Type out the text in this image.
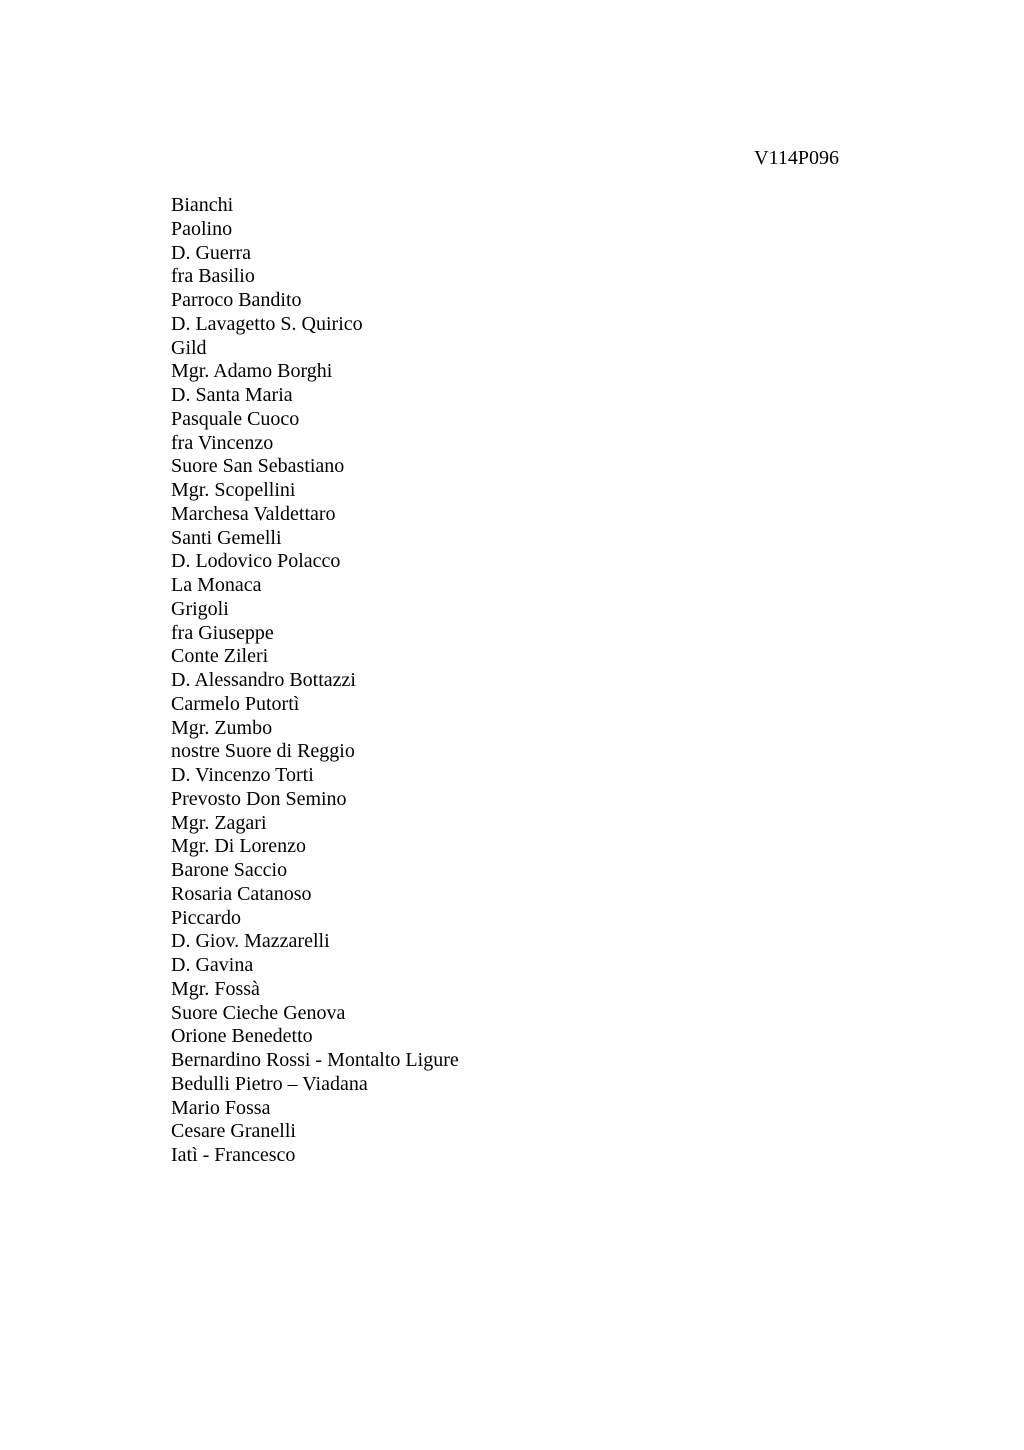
V114P096
Bianchi
Paolino
D. Guerra
fra Basilio
Parroco Bandito
D. Lavagetto S. Quirico
Gild
Mgr. Adamo Borghi
D. Santa Maria
Pasquale Cuoco
fra Vincenzo
Suore San Sebastiano
Mgr. Scopellini
Marchesa Valdettaro
Santi Gemelli
D. Lodovico Polacco
La Monaca
Grigoli
fra Giuseppe
Conte Zileri
D. Alessandro Bottazzi
Carmelo Putortì
Mgr. Zumbo
nostre Suore di Reggio
D. Vincenzo Torti
Prevosto Don Semino
Mgr. Zagari
Mgr. Di Lorenzo
Barone Saccio
Rosaria Catanoso
Piccardo
D. Giov. Mazzarelli
D. Gavina
Mgr. Fossà
Suore Cieche Genova
Orione Benedetto
Bernardino Rossi - Montalto Ligure
Bedulli Pietro – Viadana
Mario Fossa
Cesare Granelli
Iatì - Francesco
